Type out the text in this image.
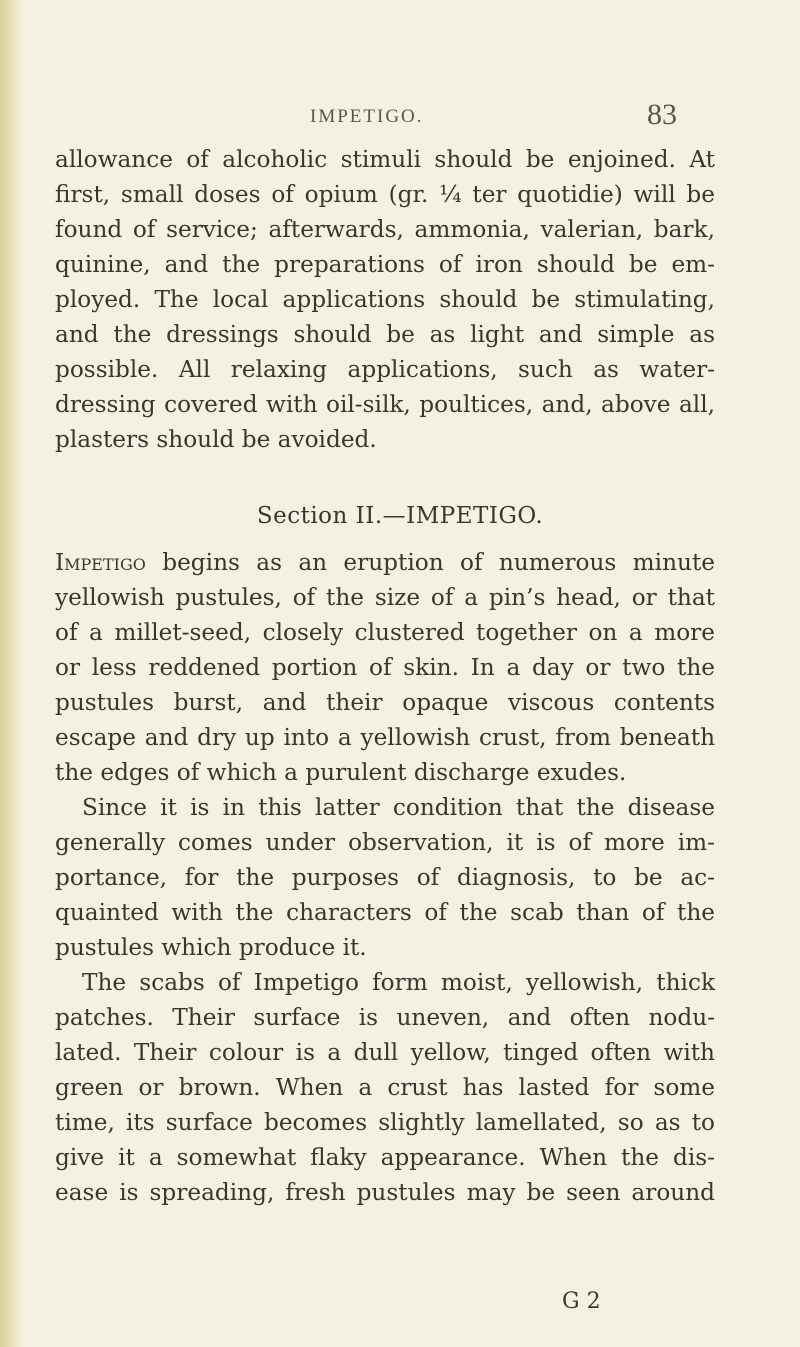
IMPETIGO.	83
allowance of alcoholic stimuli should be enjoined. At
first, small doses of opium (gr. ¼ ter quotidie) will be
found of service; afterwards, ammonia, valerian, bark,
quinine, and the preparations of iron should be em-
ployed. The local applications should be stimulating,
and the dressings should be as light and simple as
possible. All relaxing applications, such as water-
dressing covered with oil-silk, poultices, and, above all,
plasters should be avoided.
Section II.—IMPETIGO.
Impetigo begins as an eruption of numerous minute
yellowish pustules, of the size of a pin’s head, or that
of a millet-seed, closely clustered together on a more
or less reddened portion of skin. In a day or two the
pustules burst, and their opaque viscous contents
escape and dry up into a yellowish crust, from beneath
the edges of which a purulent discharge exudes.
Since it is in this latter condition that the disease
generally comes under observation, it is of more im-
portance, for the purposes of diagnosis, to be ac-
quainted with the characters of the scab than of the
pustules which produce it.
The scabs of Impetigo form moist, yellowish, thick
patches. Their surface is uneven, and often nodu-
lated. Their colour is a dull yellow, tinged often with
green or brown. When a crust has lasted for some
time, its surface becomes slightly lamellated, so as to
give it a somewhat flaky appearance. When the dis-
ease is spreading, fresh pustules may be seen around
G 2
